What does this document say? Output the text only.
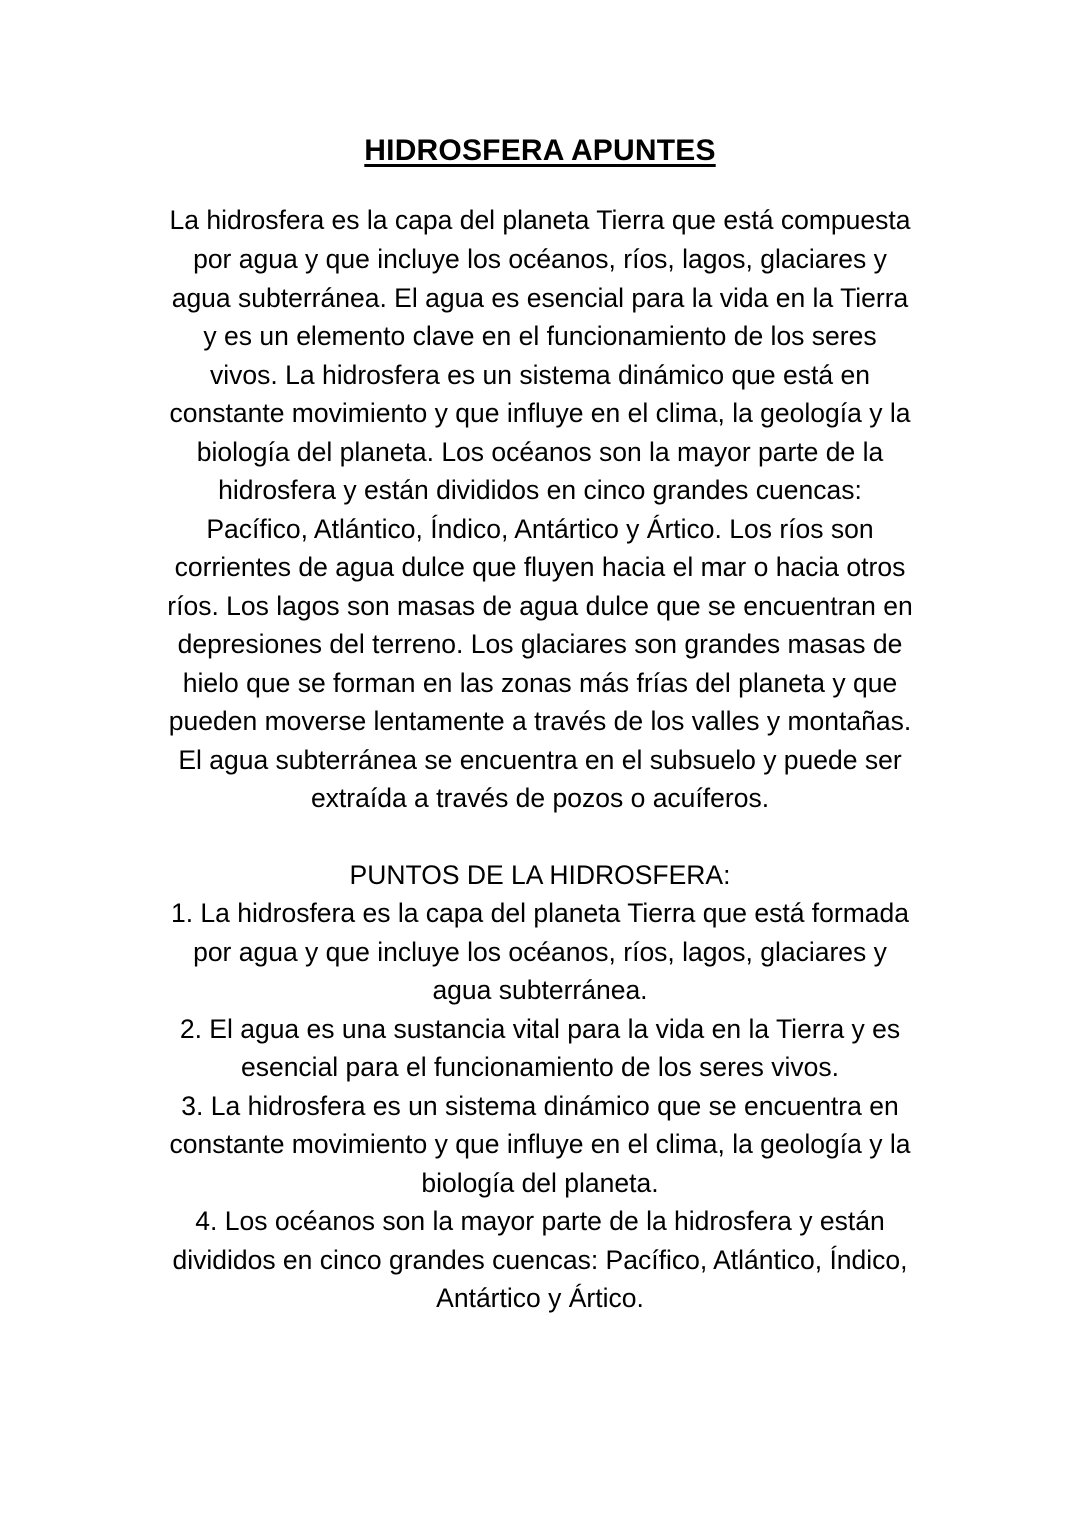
HIDROSFERA APUNTES
La hidrosfera es la capa del planeta Tierra que está compuesta
por agua y que incluye los océanos, ríos, lagos, glaciares y
agua subterránea. El agua es esencial para la vida en la Tierra
y es un elemento clave en el funcionamiento de los seres
vivos. La hidrosfera es un sistema dinámico que está en
constante movimiento y que influye en el clima, la geología y la
biología del planeta. Los océanos son la mayor parte de la
hidrosfera y están divididos en cinco grandes cuencas:
Pacífico, Atlántico, Índico, Antártico y Ártico. Los ríos son
corrientes de agua dulce que fluyen hacia el mar o hacia otros
ríos. Los lagos son masas de agua dulce que se encuentran en
depresiones del terreno. Los glaciares son grandes masas de
hielo que se forman en las zonas más frías del planeta y que
pueden moverse lentamente a través de los valles y montañas.
El agua subterránea se encuentra en el subsuelo y puede ser
extraída a través de pozos o acuíferos.
PUNTOS DE LA HIDROSFERA:
1. La hidrosfera es la capa del planeta Tierra que está formada
por agua y que incluye los océanos, ríos, lagos, glaciares y
agua subterránea.
2. El agua es una sustancia vital para la vida en la Tierra y es
esencial para el funcionamiento de los seres vivos.
3. La hidrosfera es un sistema dinámico que se encuentra en
constante movimiento y que influye en el clima, la geología y la
biología del planeta.
4. Los océanos son la mayor parte de la hidrosfera y están
divididos en cinco grandes cuencas: Pacífico, Atlántico, Índico,
Antártico y Ártico.
